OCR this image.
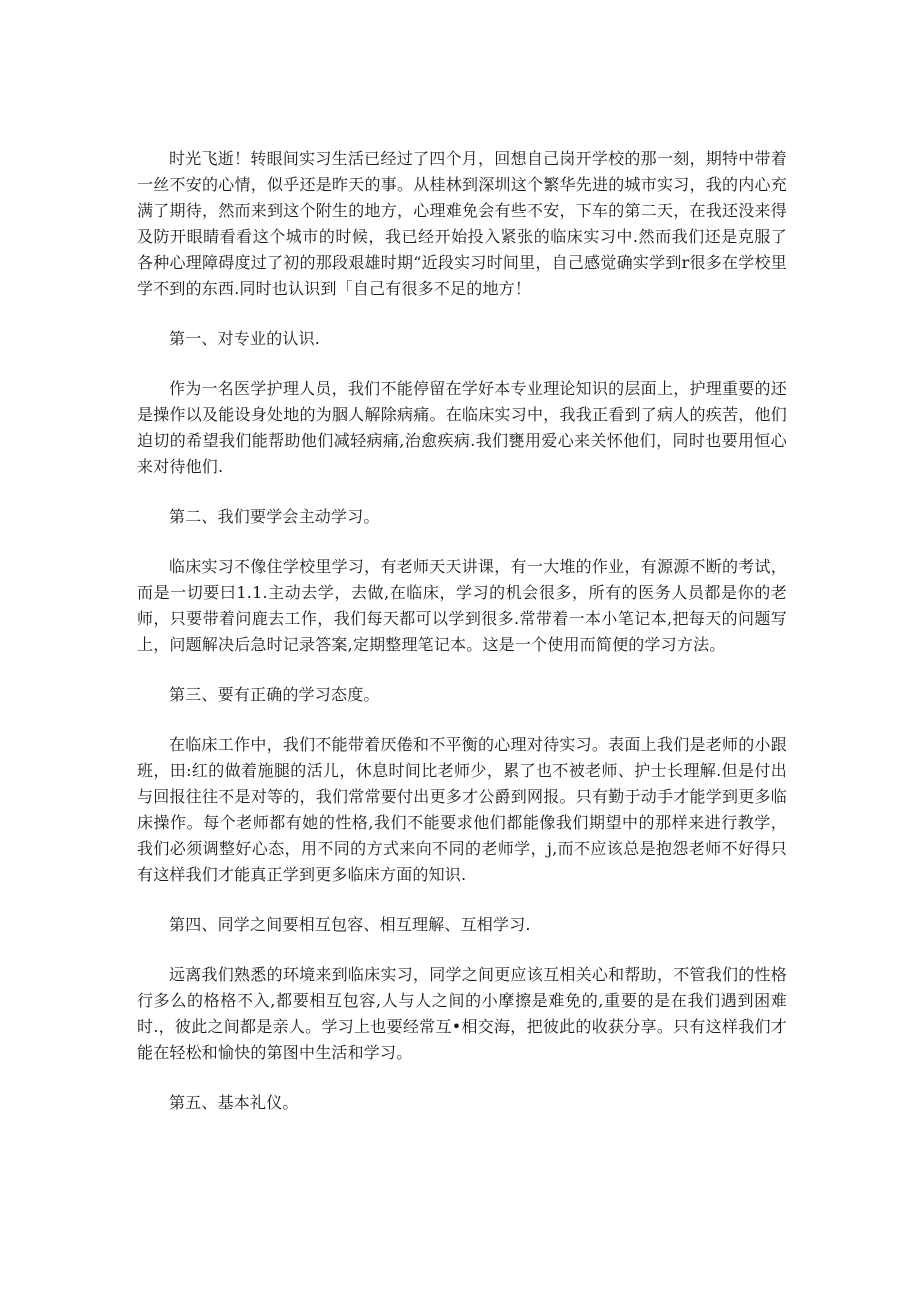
时光飞逝！转眼间实习生活已经过了四个月，回想自己岗开学校的那一刻，期特中带着一丝不安的心情，似乎还是昨天的事。从桂林到深圳这个繁华先进的城市实习，我的内心充满了期待，然而来到这个附生的地方，心理难免会有些不安，下车的第二天，在我还没来得及防开眼睛看看这个城市的时候，我已经开始投入紧张的临床实习中.然而我们还是克服了各种心理障碍度过了初的那段艰雄时期“近段实习时间里，自己感觉确实学到r很多在学校里学不到的东西.同时也认识到「自己有很多不足的地方！

第一、对专业的认识.

作为一名医学护理人员，我们不能停留在学好本专业理论知识的层面上，护理重要的还是操作以及能设身处地的为胭人解除病痛。在临床实习中，我我正看到了病人的疾苦，他们迫切的希望我们能帮助他们减轻病痛,治愈疾病.我们甕用爱心来关怀他们，同时也要用恒心来对待他们.

第二、我们要学会主动学习。

临床实习不像住学校里学习，有老师天天讲课，有一大堆的作业，有源源不断的考试，而是一切要曰1.1.主动去学，去做,在临床，学习的机会很多，所有的医务人员都是你的老师，只要带着问鹿去工作，我们每天都可以学到很多.常带着一本小笔记本,把每天的问题写上，问题解决后急时记录答案,定期整理笔记本。这是一个使用而简便的学习方法。

第三、要有正确的学习态度。

在临床工作中，我们不能带着厌倦和不平衡的心理对待实习。表面上我们是老师的小跟班，田:红的做着施腿的活儿，休息时间比老师少，累了也不被老师、护士长理解.但是付出与回报往往不是对等的，我们常常要付出更多才公爵到网报。只有勤于动手才能学到更多临床操作。每个老师都有她的性格,我们不能要求他们都能像我们期望中的那样来进行教学，我们必须调整好心态，用不同的方式来向不同的老师学，j,而不应该总是抱怨老师不好得只有这样我们才能真正学到更多临床方面的知识.

第四、同学之间要相互包容、相互理解、互相学习.

远离我们熟悉的环境来到临床实习，同学之间更应该互相关心和帮助，不管我们的性格行多么的格格不入,都要相互包容,人与人之间的小摩擦是难免的,重要的是在我们遇到困难时.，彼此之间都是亲人。学习上也要经常互•相交海，把彼此的收获分享。只有这样我们才能在轻松和愉快的第图中生活和学习。

第五、基本礼仪。
